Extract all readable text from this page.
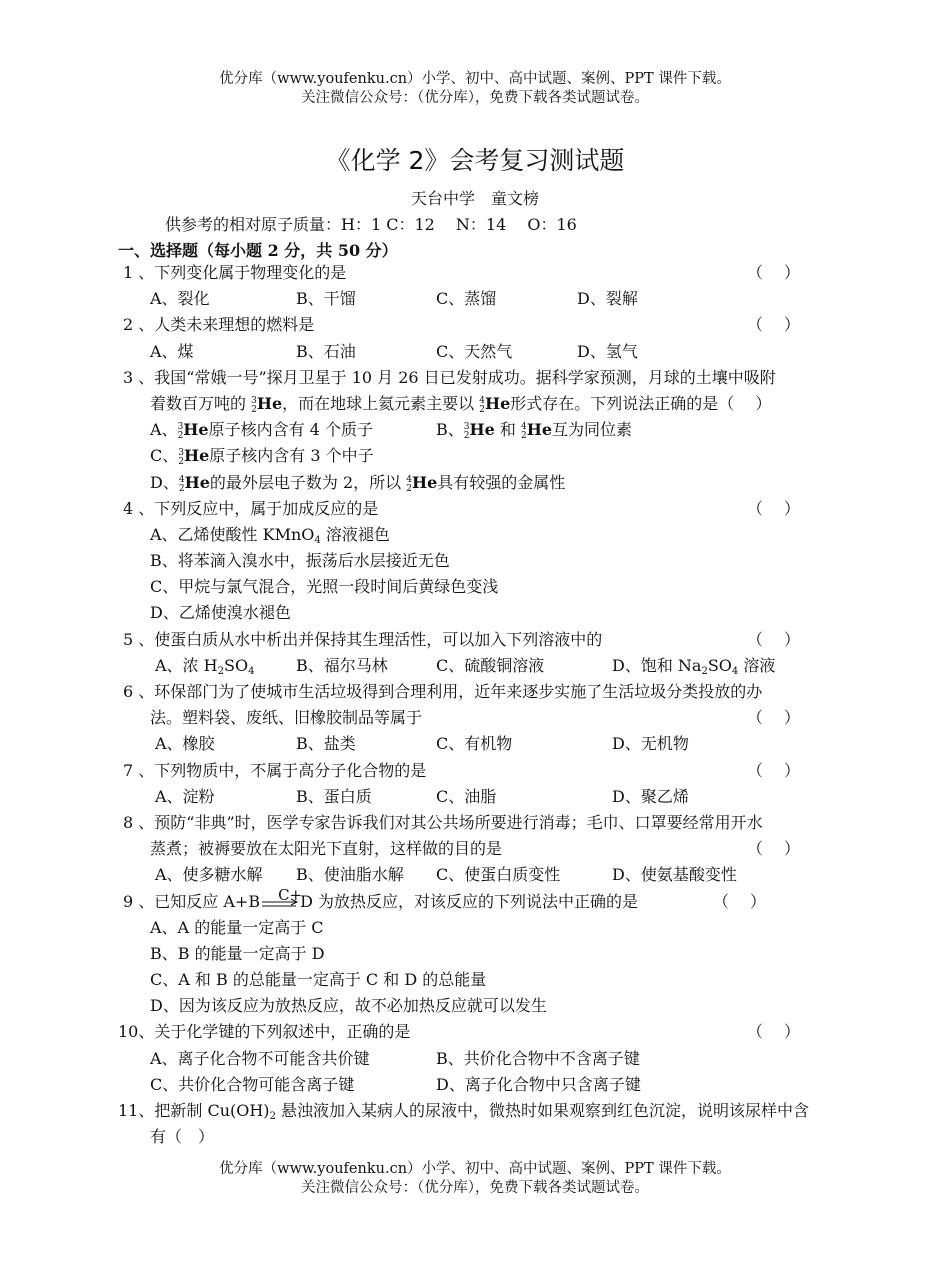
优分库（www.youfenku.cn）小学、初中、高中试题、案例、PPT 课件下载。
关注微信公众号：（优分库），免费下载各类试题试卷。
《化学 2》会考复习测试题
天台中学　童文榜
供参考的相对原子质量：H：1 C：12　 N：14　 O：16
一、选择题（每小题 2 分，共 50 分）
1 、下列变化属于物理变化的是	（　 ）
A、裂化	B、干馏	C、蒸馏	D、裂解
2 、人类未来理想的燃料是	（　 ）
A、煤	B、石油	C、天然气	D、氢气
3 、我国“常娥一号”探月卫星于 10 月 26 日已发射成功。据科学家预测，月球的土壤中吸附
着数百万吨的 3
2He，而在地球上氦元素主要以 4
2He形式存在。下列说法正确的是（　 ）
A、3
2He原子核内含有 4 个质子	B、3
2He 和 4
2He互为同位素
C、3
2He原子核内含有 3 个中子
D、4
2He的最外层电子数为 2，所以 4
2He具有较强的金属性
4 、下列反应中，属于加成反应的是	（　 ）
A、乙烯使酸性 KMnO$_4$ 溶液褪色
B、将苯滴入溴水中，振荡后水层接近无色
C、甲烷与氯气混合，光照一段时间后黄绿色变浅
D、乙烯使溴水褪色
5 、使蛋白质从水中析出并保持其生理活性，可以加入下列溶液中的	（　 ）
A、浓 $H_2SO_4$	B、福尔马林	C、硫酸铜溶液	D、饱和 $Na_2SO_4$ 溶液
6 、环保部门为了使城市生活垃圾得到合理利用，近年来逐步实施了生活垃圾分类投放的办
法。塑料袋、废纸、旧橡胶制品等属于	（　 ）
A、橡胶	B、盐类	C、有机物	D、无机物
7 、下列物质中，不属于高分子化合物的是	（　 ）
A、淀粉	B、蛋白质	C、油脂	D、聚乙烯
8 、预防“非典”时，医学专家告诉我们对其公共场所要进行消毒；毛巾、口罩要经常用开水
蒸煮；被褥要放在太阳光下直射，这样做的目的是	（　 ）
A、使多糖水解 B、使油脂水解 C、使蛋白质变性	D、使氨基酸变性
9 、已知反应 A+B C+
D 为放热反应，对该反应的下列说法中正确的是	（　 ）
A、A 的能量一定高于 C
B、B 的能量一定高于 D
C、A 和 B 的总能量一定高于 C 和 D 的总能量
D、因为该反应为放热反应，故不必加热反应就可以发生
10、关于化学键的下列叙述中，正确的是	（　 ）
A、离子化合物不可能含共价键	B、共价化合物中不含离子键
C、共价化合物可能含离子键	D、离子化合物中只含离子键
11、把新制 $Cu(OH)_2$ 悬浊液加入某病人的尿液中，微热时如果观察到红色沉淀，说明该尿样中含
有（　）
优分库（www.youfenku.cn）小学、初中、高中试题、案例、PPT 课件下载。
关注微信公众号：（优分库），免费下载各类试题试卷。
